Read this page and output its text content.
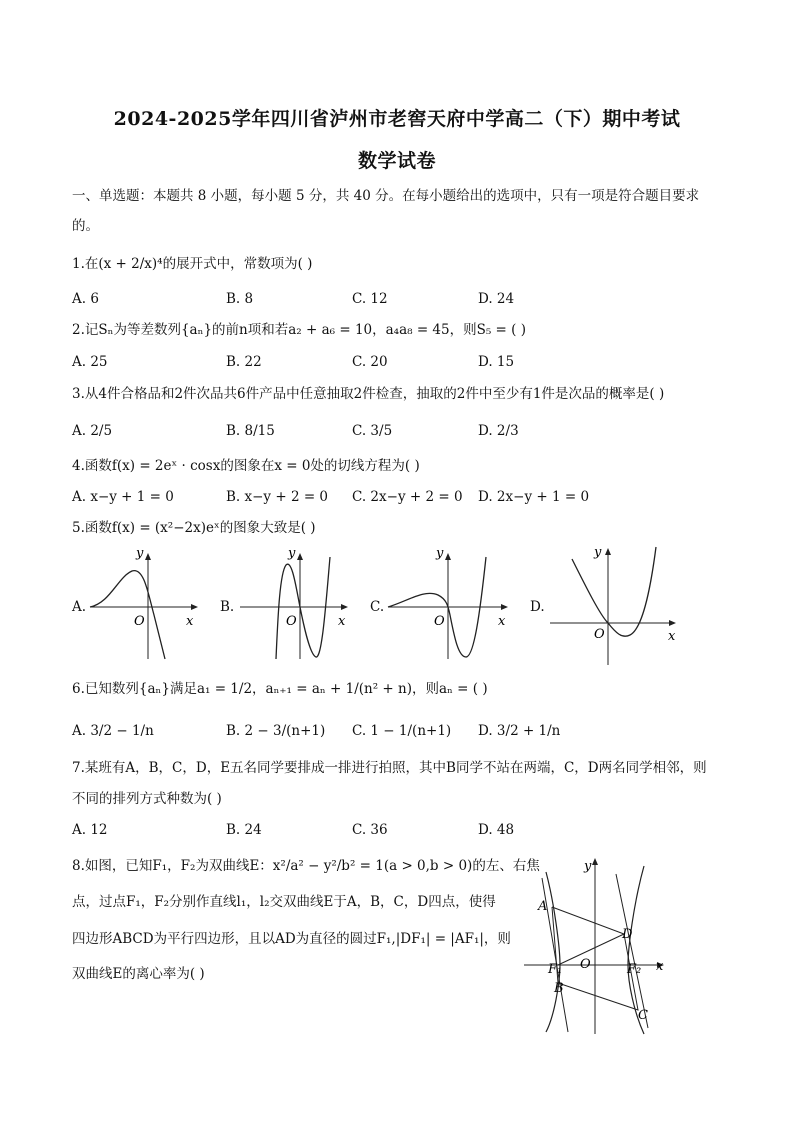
2024-2025学年四川省泸州市老窖天府中学高二（下）期中考试
数学试卷
一、单选题：本题共 8 小题，每小题 5 分，共 40 分。在每小题给出的选项中，只有一项是符合题目要求
的。
1.在(x + 2/x)⁴的展开式中，常数项为( )
A. 6	B. 8	C. 12	D. 24
2.记Sₙ为等差数列{aₙ}的前n项和若a₂ + a₆ = 10，a₄a₈ = 45，则S₅ = ( )
A. 25	B. 22	C. 20	D. 15
3.从4件合格品和2件次品共6件产品中任意抽取2件检查，抽取的2件中至少有1件是次品的概率是( )
A. 2/5	B. 8/15	C. 3/5	D. 2/3
4.函数f(x) = 2eˣ · cosx的图象在x = 0处的切线方程为( )
A. x−y + 1 = 0	B. x−y + 2 = 0 C. 2x−y + 2 = 0 D. 2x−y + 1 = 0
5.函数f(x) = (x²−2x)eˣ的图象大致是( )
A.	B.	C.	D.
y
x
O
y
x
O
y
x
O
y
x
O
6.已知数列{aₙ}满足a₁ = 1/2，aₙ₊₁ = aₙ + 1/(n² + n)，则aₙ = ( )
A. 3/2 − 1/n	B. 2 − 3/(n+1) C. 1 − 1/(n+1) D. 3/2 + 1/n
7.某班有A，B，C，D，E五名同学要排成一排进行拍照，其中B同学不站在两端，C，D两名同学相邻，则
不同的排列方式种数为( )
A. 12	B. 24	C. 36	D. 48
8.如图，已知F₁，F₂为双曲线E：x²/a² − y²/b² = 1(a > 0,b > 0)的左、右焦
点，过点F₁，F₂分别作直线l₁，l₂交双曲线E于A，B，C，D四点，使得
四边形ABCD为平行四边形，且以AD为直径的圆过F₁,|DF₁| = |AF₁|，则
双曲线E的离心率为( )
A
B
C
D
O
F₁	F₂ x
y
